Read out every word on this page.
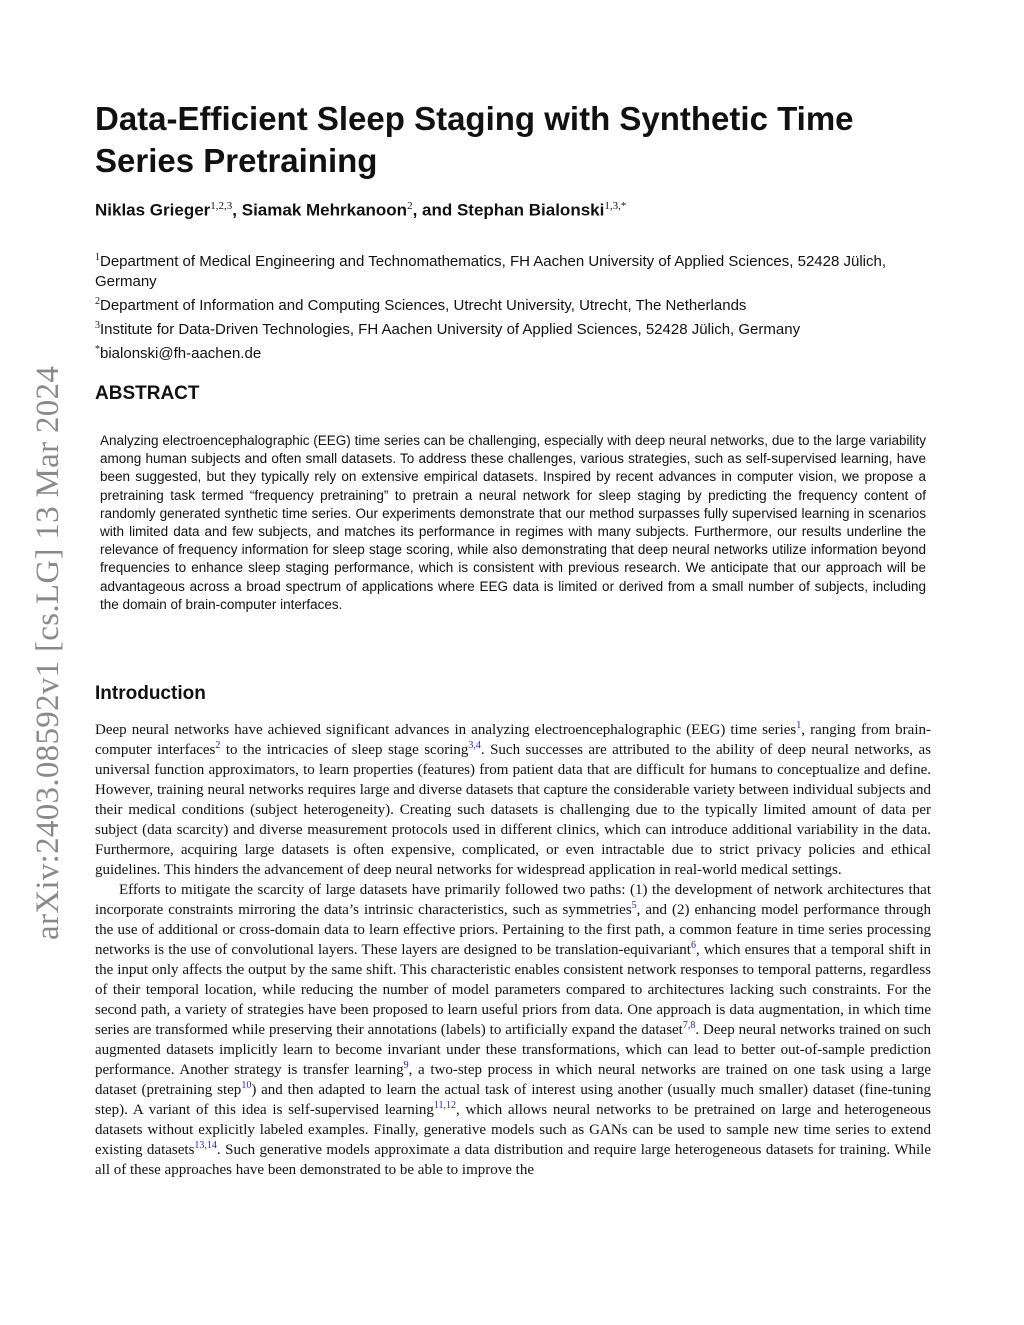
arXiv:2403.08592v1 [cs.LG] 13 Mar 2024
Data-Efficient Sleep Staging with Synthetic Time Series Pretraining
Niklas Grieger$^{1,2,3}$, Siamak Mehrkanoon$^2$, and Stephan Bialonski$^{1,3,*}$
$^1$Department of Medical Engineering and Technomathematics, FH Aachen University of Applied Sciences, 52428 Jülich, Germany
$^2$Department of Information and Computing Sciences, Utrecht University, Utrecht, The Netherlands
$^3$Institute for Data-Driven Technologies, FH Aachen University of Applied Sciences, 52428 Jülich, Germany
*bialonski@fh-aachen.de
ABSTRACT

Analyzing electroencephalographic (EEG) time series can be challenging, especially with deep neural networks, due to the large variability among human subjects and often small datasets. To address these challenges, various strategies, such as self-supervised learning, have been suggested, but they typically rely on extensive empirical datasets. Inspired by recent advances in computer vision, we propose a pretraining task termed “frequency pretraining” to pretrain a neural network for sleep staging by predicting the frequency content of randomly generated synthetic time series. Our experiments demonstrate that our method surpasses fully supervised learning in scenarios with limited data and few subjects, and matches its performance in regimes with many subjects. Furthermore, our results underline the relevance of frequency information for sleep stage scoring, while also demonstrating that deep neural networks utilize information beyond frequencies to enhance sleep staging performance, which is consistent with previous research. We anticipate that our approach will be advantageous across a broad spectrum of applications where EEG data is limited or derived from a small number of subjects, including the domain of brain-computer interfaces.

Introduction

Deep neural networks have achieved significant advances in analyzing electroencephalographic (EEG) time series$^1$, ranging from brain-computer interfaces$^2$ to the intricacies of sleep stage scoring$^{3,4}$. Such successes are attributed to the ability of deep neural networks, as universal function approximators, to learn properties (features) from patient data that are difficult for humans to conceptualize and define. However, training neural networks requires large and diverse datasets that capture the considerable variety between individual subjects and their medical conditions (subject heterogeneity). Creating such datasets is challenging due to the typically limited amount of data per subject (data scarcity) and diverse measurement protocols used in different clinics, which can introduce additional variability in the data. Furthermore, acquiring large datasets is often expensive, complicated, or even intractable due to strict privacy policies and ethical guidelines. This hinders the advancement of deep neural networks for widespread application in real-world medical settings.

Efforts to mitigate the scarcity of large datasets have primarily followed two paths: (1) the development of network architectures that incorporate constraints mirroring the data’s intrinsic characteristics, such as symmetries$^5$, and (2) enhancing model performance through the use of additional or cross-domain data to learn effective priors. Pertaining to the first path, a common feature in time series processing networks is the use of convolutional layers. These layers are designed to be translation-equivariant$^6$, which ensures that a temporal shift in the input only affects the output by the same shift. This characteristic enables consistent network responses to temporal patterns, regardless of their temporal location, while reducing the number of model parameters compared to architectures lacking such constraints. For the second path, a variety of strategies have been proposed to learn useful priors from data. One approach is data augmentation, in which time series are transformed while preserving their annotations (labels) to artificially expand the dataset$^{7,8}$. Deep neural networks trained on such augmented datasets implicitly learn to become invariant under these transformations, which can lead to better out-of-sample prediction performance. Another strategy is transfer learning$^9$, a two-step process in which neural networks are trained on one task using a large dataset (pretraining step$^{10}$) and then adapted to learn the actual task of interest using another (usually much smaller) dataset (fine-tuning step). A variant of this idea is self-supervised learning$^{11,12}$, which allows neural networks to be pretrained on large and heterogeneous datasets without explicitly labeled examples. Finally, generative models such as GANs can be used to sample new time series to extend existing datasets$^{13,14}$. Such generative models approximate a data distribution and require large heterogeneous datasets for training. While all of these approaches have been demonstrated to be able to improve the
